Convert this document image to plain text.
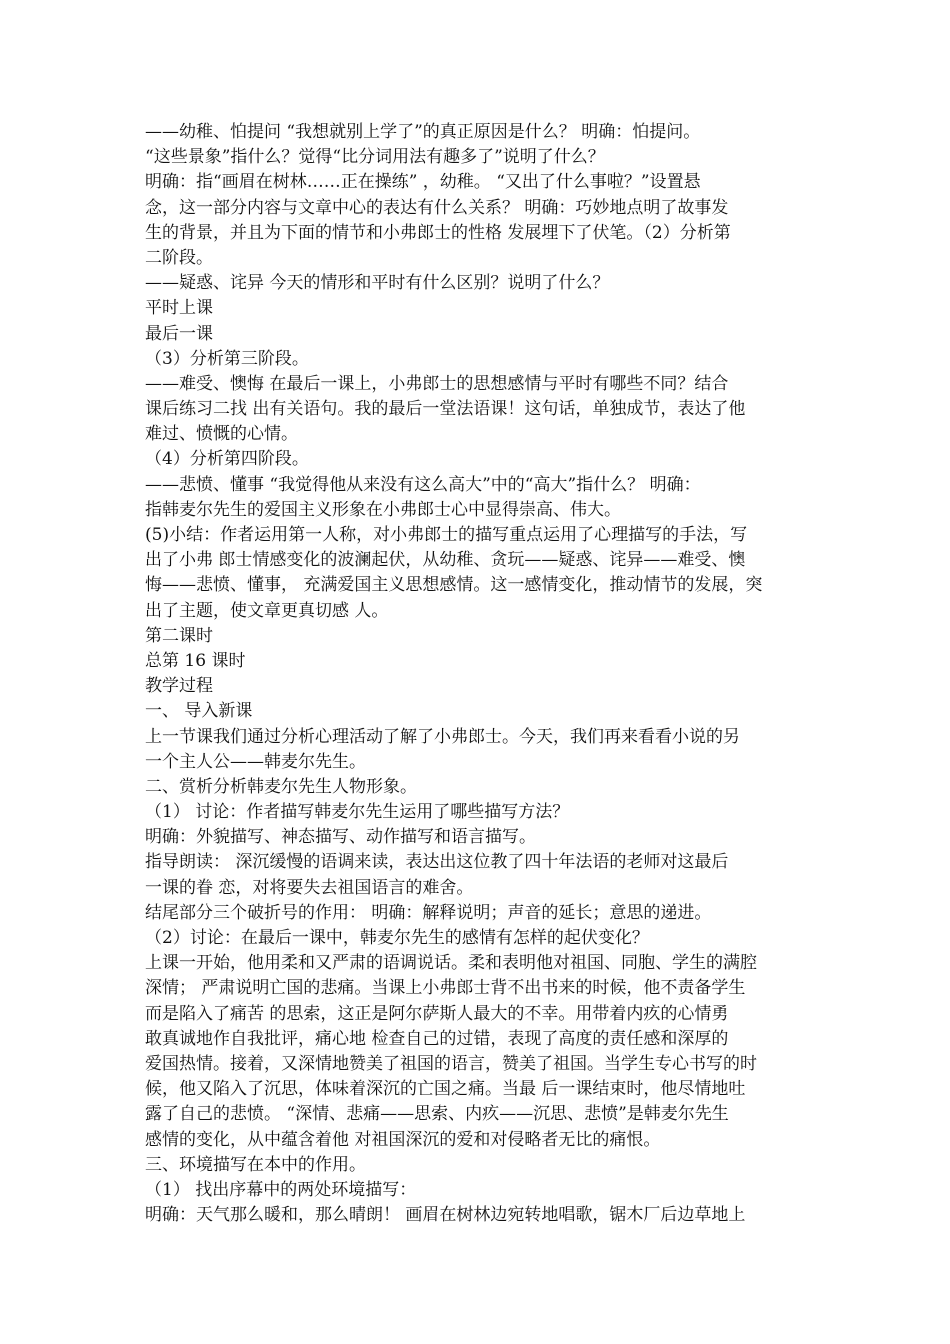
——幼稚、怕提问 “我想就别上学了”的真正原因是什么？ 明确：怕提问。
“这些景象”指什么？觉得“比分词用法有趣多了”说明了什么？
明确：指“画眉在树林……正在操练” ，幼稚。 “又出了什么事啦？”设置悬
念，这一部分内容与文章中心的表达有什么关系？ 明确：巧妙地点明了故事发
生的背景，并且为下面的情节和小弗郎士的性格 发展埋下了伏笔。（2）分析第
二阶段。
——疑惑、诧异 今天的情形和平时有什么区别？说明了什么？
平时上课
最后一课
（3）分析第三阶段。
——难受、懊悔 在最后一课上，小弗郎士的思想感情与平时有哪些不同？结合
课后练习二找 出有关语句。我的最后一堂法语课！这句话，单独成节，表达了他
难过、愤慨的心情。
（4）分析第四阶段。
——悲愤、懂事 “我觉得他从来没有这么高大”中的“高大”指什么？ 明确：
指韩麦尔先生的爱国主义形象在小弗郎士心中显得崇高、伟大。
(5)小结：作者运用第一人称，对小弗郎士的描写重点运用了心理描写的手法，写
出了小弗 郎士情感变化的波澜起伏，从幼稚、贪玩——疑惑、诧异——难受、懊
悔——悲愤、懂事， 充满爱国主义思想感情。这一感情变化，推动情节的发展，突
出了主题，使文章更真切感 人。
第二课时
总第 16 课时
教学过程
一、 导入新课
上一节课我们通过分析心理活动了解了小弗郎士。今天，我们再来看看小说的另
一个主人公——韩麦尔先生。
二、赏析分析韩麦尔先生人物形象。
（1） 讨论：作者描写韩麦尔先生运用了哪些描写方法？
明确：外貌描写、神态描写、动作描写和语言描写。
指导朗读： 深沉缓慢的语调来读，表达出这位教了四十年法语的老师对这最后
一课的眷 恋，对将要失去祖国语言的难舍。
结尾部分三个破折号的作用： 明确：解释说明；声音的延长；意思的递进。
（2）讨论：在最后一课中，韩麦尔先生的感情有怎样的起伏变化？
上课一开始，他用柔和又严肃的语调说话。柔和表明他对祖国、同胞、学生的满腔
深情； 严肃说明亡国的悲痛。当课上小弗郎士背不出书来的时候，他不责备学生
而是陷入了痛苦 的思索，这正是阿尔萨斯人最大的不幸。用带着内疚的心情勇
敢真诚地作自我批评，痛心地 检查自己的过错，表现了高度的责任感和深厚的
爱国热情。接着，又深情地赞美了祖国的语言，赞美了祖国。当学生专心书写的时
候，他又陷入了沉思，体味着深沉的亡国之痛。当最 后一课结束时，他尽情地吐
露了自己的悲愤。 “深情、悲痛——思索、内疚——沉思、悲愤”是韩麦尔先生
感情的变化，从中蕴含着他 对祖国深沉的爱和对侵略者无比的痛恨。
三、环境描写在本中的作用。
（1） 找出序幕中的两处环境描写：
明确：天气那么暖和，那么晴朗！ 画眉在树林边宛转地唱歌，锯木厂后边草地上
